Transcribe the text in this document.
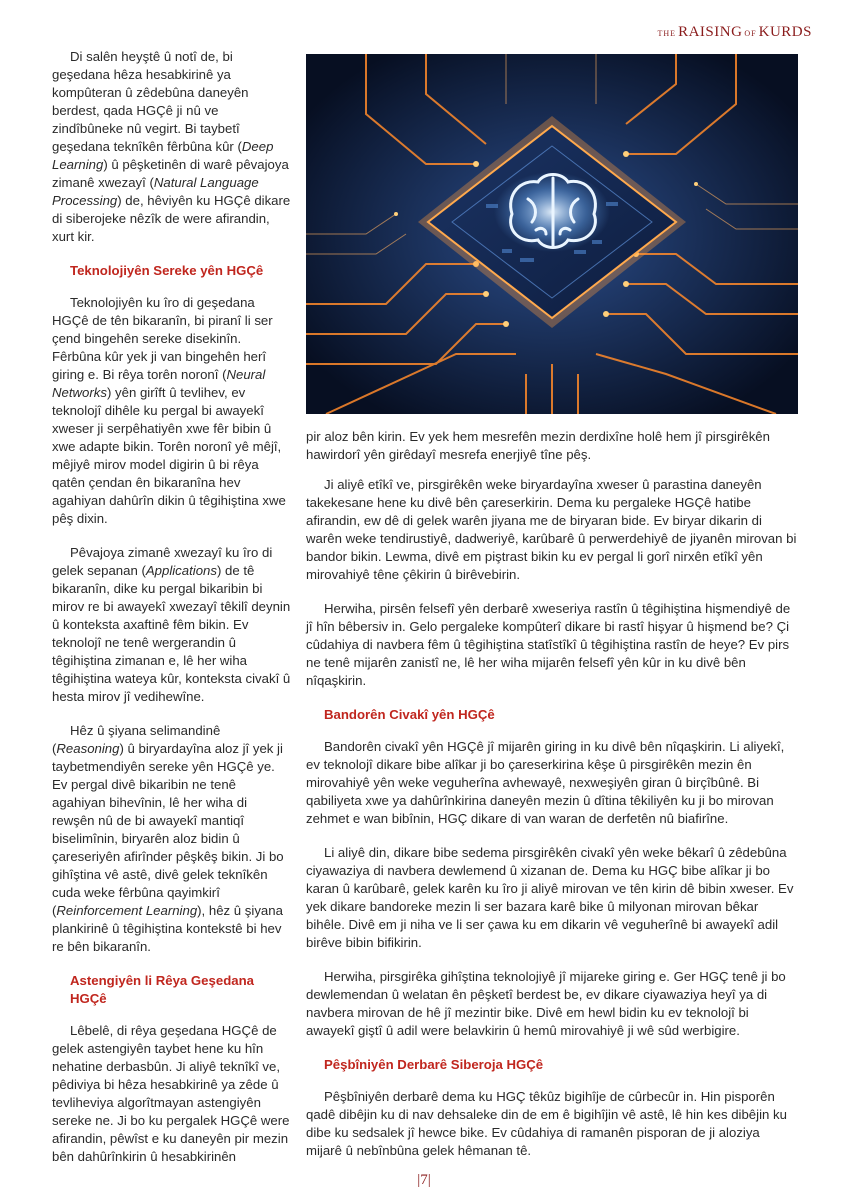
THE RAISING OF KURDS

Di salên heyştê û notî de, bi geşedana hêza hesabkirinê ya kompûteran û zêdebûna daneyên berdest, qada HGÇê ji nû ve zindîbûneke nû vegirt. Bi taybetî geşedana teknîkên fêrbûna kûr (Deep Learning) û pêşketinên di warê pêvajoya zimanê xwezayî (Natural Language Processing) de, hêviyên ku HGÇê dikare di siberojeke nêzîk de were afirandin, xurt kir.

Teknolojiyên Sereke yên HGÇê

Teknolojiyên ku îro di geşedana HGÇê de tên bikaranîn, bi piranî li ser çend bingehên sereke disekinîn. Fêrbûna kûr yek ji van bingehên herî giring e. Bi rêya torên noronî (Neural Networks) yên girîft û tevlihev, ev teknolojî dihêle ku pergal bi awayekî xweser ji serpêhatiyên xwe fêr bibin û xwe adapte bikin. Torên noronî yê mêjî, mêjiyê mirov model digirin û bi rêya qatên çendan ên bikaranîna hev agahiyan dahûrîn dikin û têgihiştina xwe pêş dixin.

Pêvajoya zimanê xwezayî ku îro di gelek sepanan (Applications) de tê bikaranîn, dike ku pergal bikaribin bi mirov re bi awayekî xwezayî têkilî deynin û konteksta axaftinê fêm bikin. Ev teknolojî ne tenê wergerandin û têgihiştina zimanan e, lê her wiha têgihiştina wateya kûr, konteksta civakî û hesta mirov jî vedihewîne.

Hêz û şiyana selimandinê (Reasoning) û biryardayîna aloz jî yek ji taybetmendiyên sereke yên HGÇê ye. Ev pergal divê bikaribin ne tenê agahiyan bihevînin, lê her wiha di rewşên nû de bi awayekî mantiqî biselimînin, biryarên aloz bidin û çareseriyên afirînder pêşkêş bikin. Ji bo gihîştina vê astê, divê gelek teknîkên cuda weke fêrbûna qayimkirî (Reinforcement Learning), hêz û şiyana plankirinê û têgihiştina kontekstê bi hev re bên bikaranîn.

Astengiyên li Rêya Geşedana HGÇê

Lêbelê, di rêya geşedana HGÇê de gelek astengiyên taybet hene ku hîn nehatine derbasbûn. Ji aliyê teknîkî ve, pêdiviya bi hêza hesabkirinê ya zêde û tevliheviya algorîtmayan astengiyên sereke ne. Ji bo ku pergalek HGÇê were afirandin, pêwîst e ku daneyên pir mezin bên dahûrînkirin û hesabkirinên

pir aloz bên kirin. Ev yek hem mesrefên mezin derdixîne holê hem jî pirsgirêkên hawirdorî yên girêdayî mesrefa enerjiyê tîne pêş.

Ji aliyê etîkî ve, pirsgirêkên weke biryardayîna xweser û parastina daneyên takekesane hene ku divê bên çareserkirin. Dema ku pergaleke HGÇê hatibe afirandin, ew dê di gelek warên jiyana me de biryaran bide. Ev biryar dikarin di warên weke tendirustiyê, dadweriyê, karûbarê û perwerdehiyê de jiyanên mirovan bi bandor bikin. Lewma, divê em piştrast bikin ku ev pergal li gorî nirxên etîkî yên mirovahiyê têne çêkirin û birêvebirin.

Herwiha, pirsên felsefî yên derbarê xweseriya rastîn û têgihiştina hişmendiyê de jî hîn bêbersiv in. Gelo pergaleke kompûterî dikare bi rastî hişyar û hişmend be? Çi cûdahiya di navbera fêm û têgihiştina statîstîkî û têgihiştina rastîn de heye? Ev pirs ne tenê mijarên zanistî ne, lê her wiha mijarên felsefî yên kûr in ku divê bên nîqaşkirin.

Bandorên Civakî yên HGÇê

Bandorên civakî yên HGÇê jî mijarên giring in ku divê bên nîqaşkirin. Li aliyekî, ev teknolojî dikare bibe alîkar ji bo çareserkirina kêşe û pirsgirêkên mezin ên mirovahiyê yên weke veguherîna avhewayê, nexweşiyên giran û birçîbûnê. Bi qabiliyeta xwe ya dahûrînkirina daneyên mezin û dîtina têkiliyên ku ji bo mirovan zehmet e wan bibînin, HGÇ dikare di van waran de derfetên nû biafirîne.

Li aliyê din, dikare bibe sedema pirsgirêkên civakî yên weke bêkarî û zêdebûna ciyawaziya di navbera dewlemend û xizanan de. Dema ku HGÇ bibe alîkar ji bo karan û karûbarê, gelek karên ku îro ji aliyê mirovan ve tên kirin dê bibin xweser. Ev yek dikare bandoreke mezin li ser bazara karê bike û milyonan mirovan bêkar bihêle. Divê em ji niha ve li ser çawa ku em dikarin vê veguherînê bi awayekî adil birêve bibin bifikirin.

Herwiha, pirsgirêka gihîştina teknolojiyê jî mijareke giring e. Ger HGÇ tenê ji bo dewlemendan û welatan ên pêşketî berdest be, ev dikare ciyawaziya heyî ya di navbera mirovan de hê jî mezintir bike. Divê em hewl bidin ku ev teknolojî bi awayekî giştî û adil were belavkirin û hemû mirovahiyê ji wê sûd werbigire.

Pêşbîniyên Derbarê Siberoja HGÇê

Pêşbîniyên derbarê dema ku HGÇ têkûz bigihîje de cûrbecûr in. Hin pisporên qadê dibêjin ku di nav dehsaleke din de em ê bigihîjin vê astê, lê hin kes dibêjin ku dibe ku sedsalek jî hewce bike. Ev cûdahiya di ramanên pisporan de ji aloziya mijarê û nebînbûna gelek hêmanan tê.

|7|
